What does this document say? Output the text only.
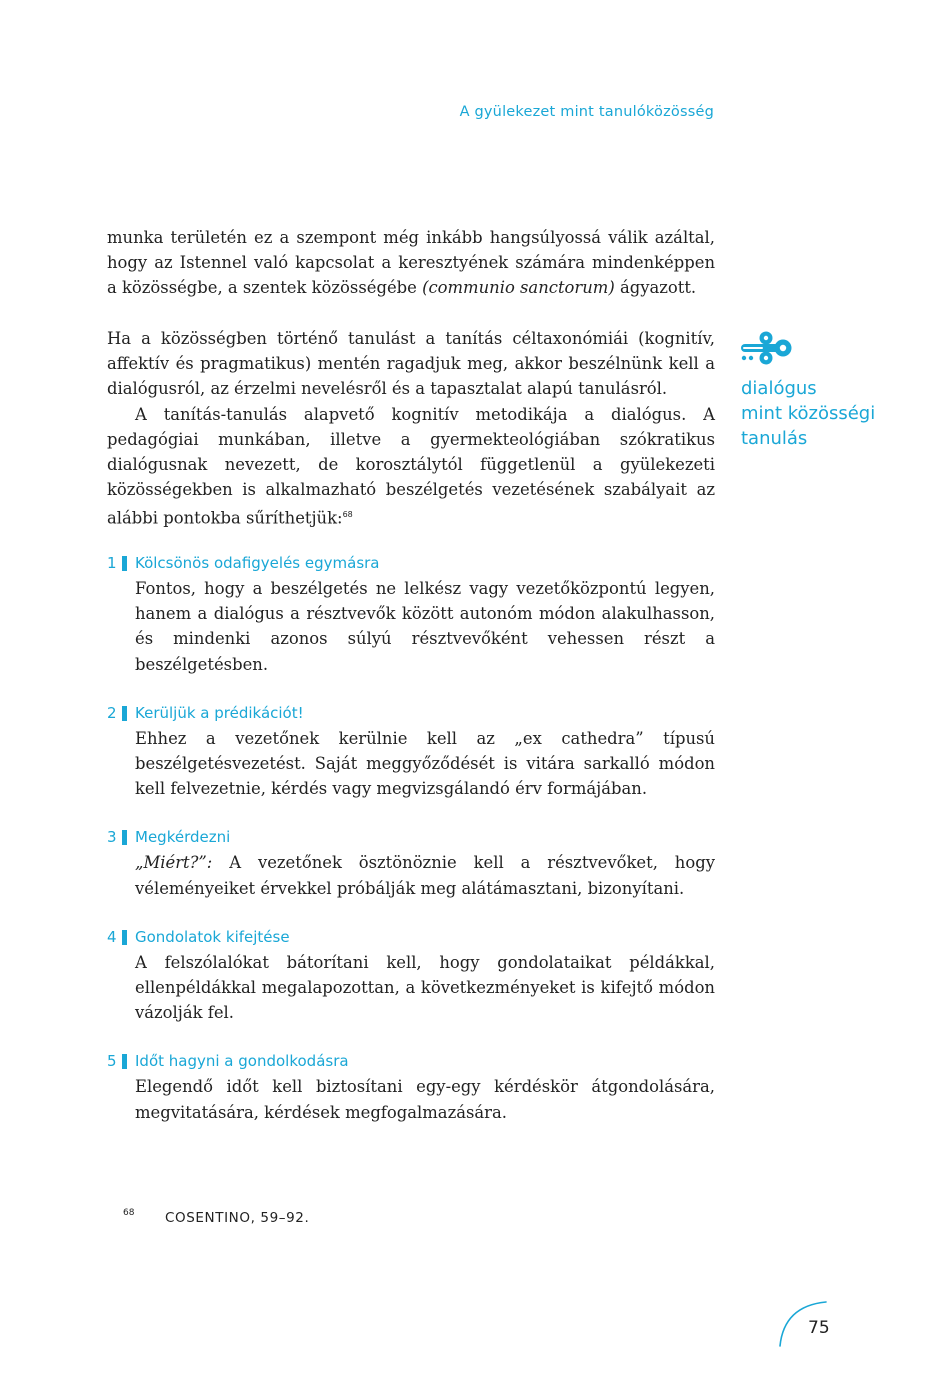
A gyülekezet mint tanulóközösség

munka területén ez a szempont még inkább hangsúlyossá válik azáltal, hogy az Istennel való kapcsolat a keresztyének számára mindenképpen a közösségbe, a szentek közösségébe (communio sanctorum) ágyazott.

Ha a közösségben történő tanulást a tanítás céltaxonómiái (kognitív, affektív és pragmatikus) mentén ragadjuk meg, akkor beszélnünk kell a dialógusról, az érzelmi nevelésről és a tapasztalat alapú tanulásról.

A tanítás-tanulás alapvető kognitív metodikája a dialógus. A pedagógiai munkában, illetve a gyermekteológiában szókratikus dialógusnak nevezett, de korosztálytól függetlenül a gyülekezeti közösségekben is alkalmazható beszélgetés vezetésének szabályait az alábbi pontokba sűríthetjük:$^{68}$

1 Kölcsönös odafigyelés egymásra

Fontos, hogy a beszélgetés ne lelkész vagy vezetőközpontú legyen, hanem a dialógus a résztvevők között autonóm módon alakulhasson, és mindenki azonos súlyú résztvevőként vehessen részt a beszélgetésben.

2 Kerüljük a prédikációt!

Ehhez a vezetőnek kerülnie kell az „ex cathedra” típusú beszélgetésvezetést. Saját meggyőződését is vitára sarkalló módon kell felvezetnie, kérdés vagy megvizsgálandó érv formájában.

3 Megkérdezni

„Miért?”: A vezetőnek ösztönöznie kell a résztvevőket, hogy véleményeiket érvekkel próbálják meg alátámasztani, bizonyítani.

4 Gondolatok kifejtése

A felszólalókat bátorítani kell, hogy gondolataikat példákkal, ellenpéldákkal megalapozottan, a következményeket is kifejtő módon vázolják fel.

5 Időt hagyni a gondolkodásra

Elegendő időt kell biztosítani egy-egy kérdéskör átgondolására, megvitatására, kérdések megfogalmazására.

dialógus
mint közösségi
tanulás
68 COSENTINO, 59–92.
75
